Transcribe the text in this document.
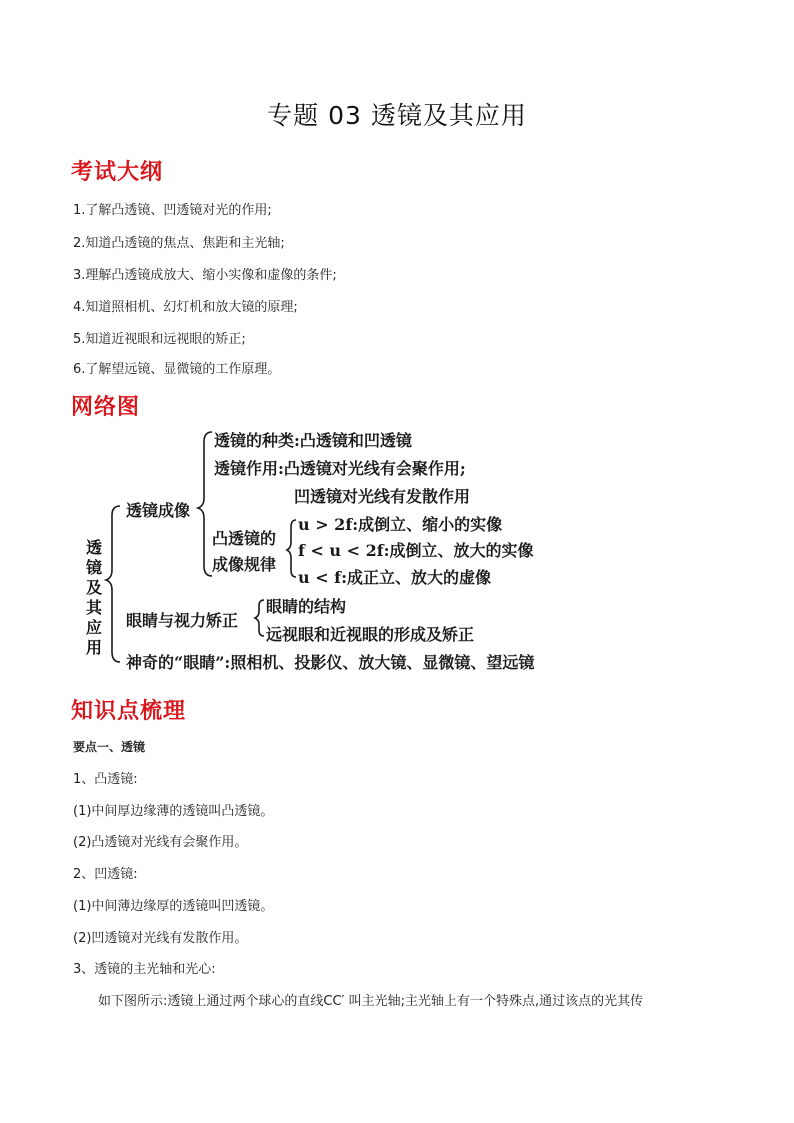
专题 03 透镜及其应用
考试大纲
1.了解凸透镜、凹透镜对光的作用;
2.知道凸透镜的焦点、焦距和主光轴;
3.理解凸透镜成放大、缩小实像和虚像的条件;
4.知道照相机、幻灯机和放大镜的原理;
5.知道近视眼和远视眼的矫正;
6.了解望远镜、显微镜的工作原理。
网络图
透镜及其应用
透镜成像
透镜的种类:凸透镜和凹透镜
透镜作用:凸透镜对光线有会聚作用;
凹透镜对光线有发散作用
凸透镜的
成像规律
u > 2f:成倒立、缩小的实像
f < u < 2f:成倒立、放大的实像
u < f:成正立、放大的虚像
眼睛与视力矫正
眼睛的结构
远视眼和近视眼的形成及矫正
神奇的“眼睛”:照相机、投影仪、放大镜、显微镜、望远镜
知识点梳理
要点一、透镜
1、凸透镜:
(1)中间厚边缘薄的透镜叫凸透镜。
(2)凸透镜对光线有会聚作用。
2、凹透镜:
(1)中间薄边缘厚的透镜叫凹透镜。
(2)凹透镜对光线有发散作用。
3、透镜的主光轴和光心:
如下图所示:透镜上通过两个球心的直线CC′ 叫主光轴;主光轴上有一个特殊点,通过该点的光其传
